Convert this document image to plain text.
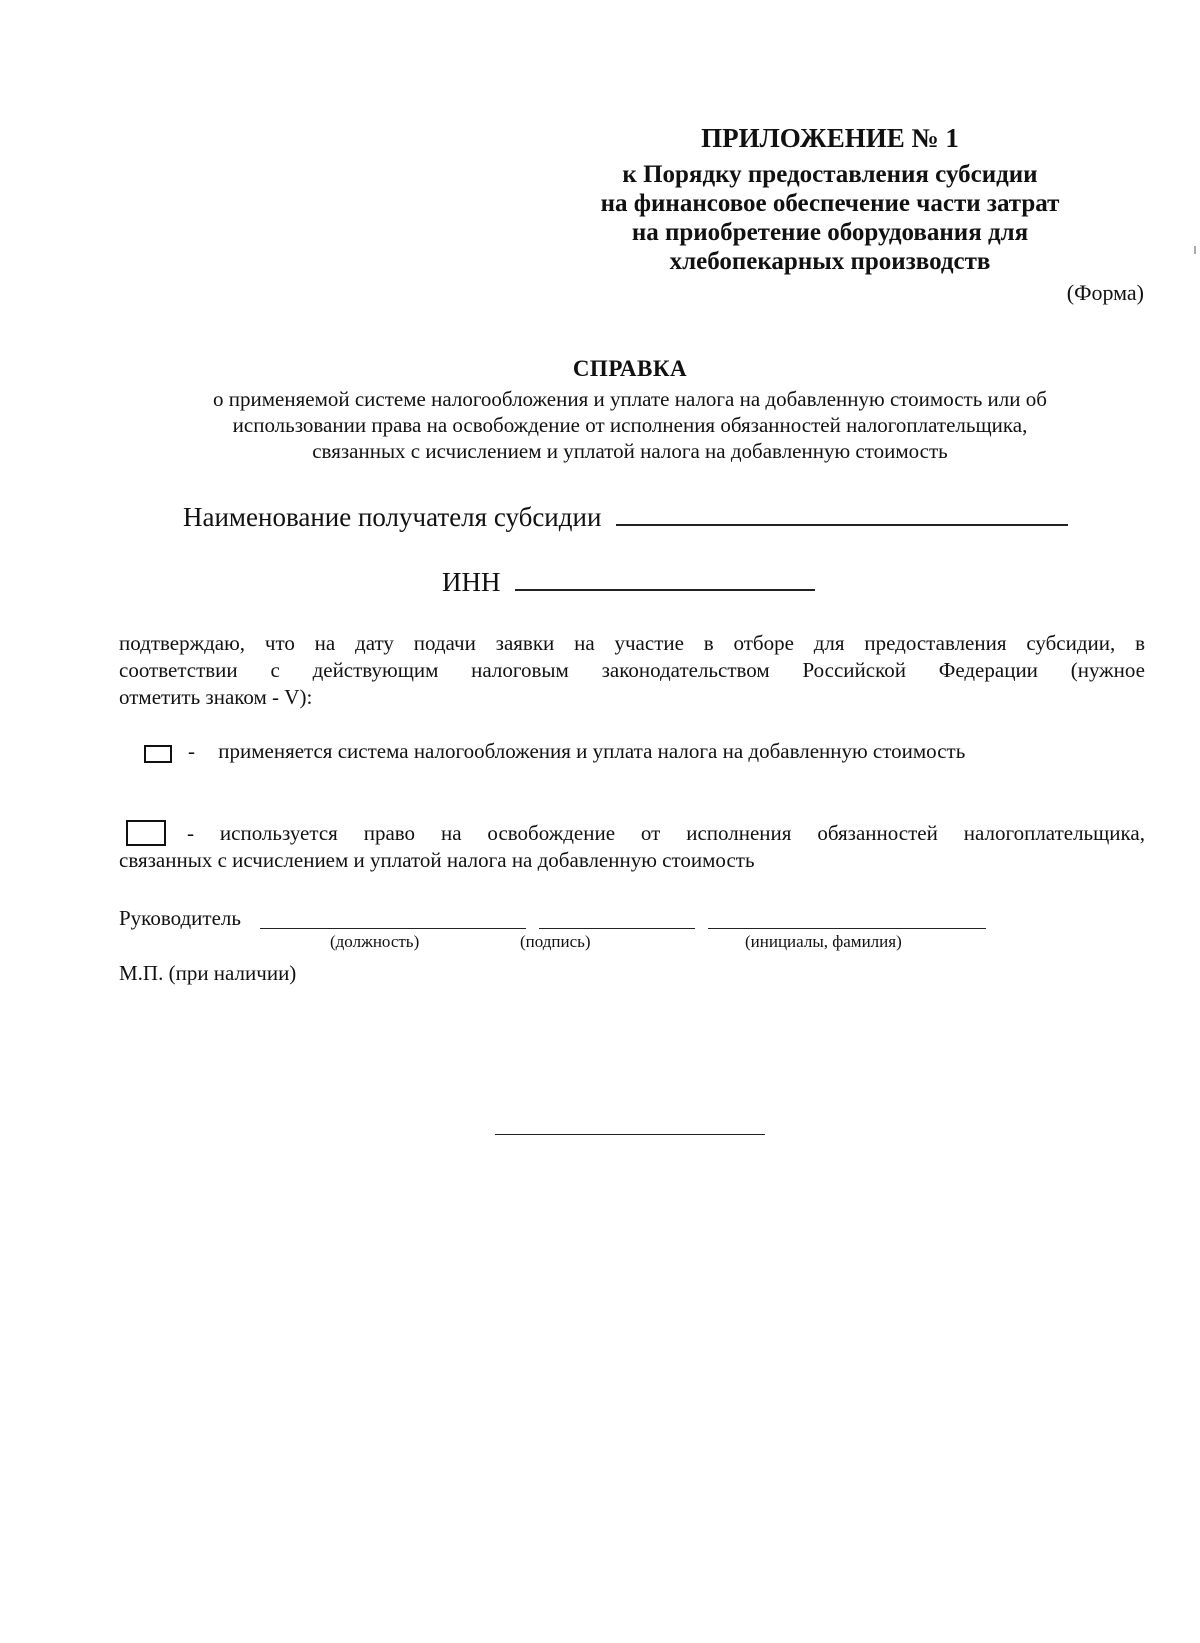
ПРИЛОЖЕНИЕ № 1
к Порядку предоставления субсидии
на финансовое обеспечение части затрат
на приобретение оборудования для
хлебопекарных производств
(Форма)
СПРАВКА
о применяемой системе налогообложения и уплате налога на добавленную стоимость или об
использовании права на освобождение от исполнения обязанностей налогоплательщика,
связанных с исчислением и уплатой налога на добавленную стоимость
Наименование получателя субсидии
ИНН
подтверждаю, что на дату подачи заявки на участие в отборе для предоставления субсидии, в
соответствии с действующим налоговым законодательством Российской Федерации (нужное
отметить знаком - V):
- применяется система налогообложения и уплата налога на добавленную стоимость
- используется право на освобождение от исполнения обязанностей налогоплательщика,
связанных с исчислением и уплатой налога на добавленную стоимость
Руководитель
(должность)	(подпись)	(инициалы, фамилия)
М.П. (при наличии)
